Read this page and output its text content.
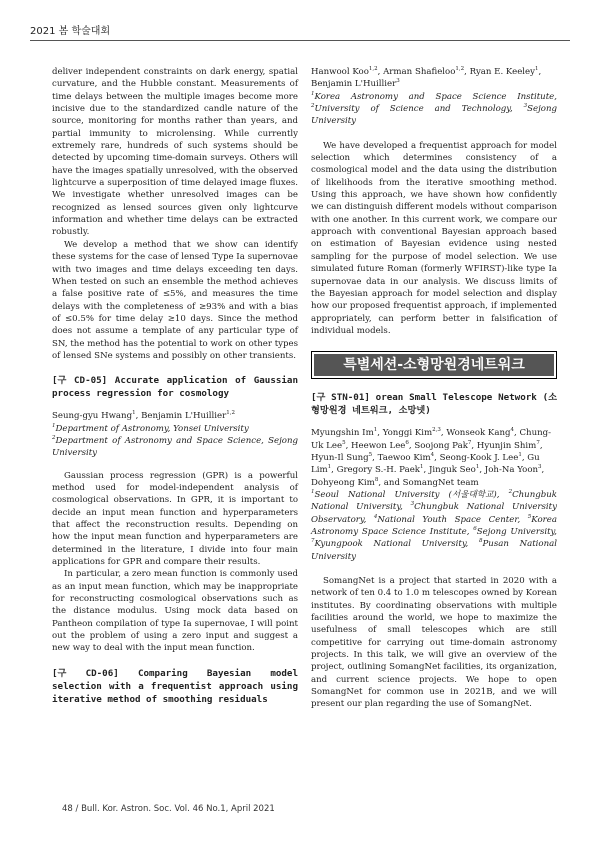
2021 봄 학술대회

deliver independent constraints on dark energy, spatial curvature, and the Hubble constant. Measurements of time delays between the multiple images become more incisive due to the standardized candle nature of the source, monitoring for months rather than years, and partial immunity to microlensing. While currently extremely rare, hundreds of such systems should be detected by upcoming time-domain surveys. Others will have the images spatially unresolved, with the observed lightcurve a superposition of time delayed image fluxes. We investigate whether unresolved images can be recognized as lensed sources given only lightcurve information and whether time delays can be extracted robustly.

We develop a method that we show can identify these systems for the case of lensed Type Ia supernovae with two images and time delays exceeding ten days. When tested on such an ensemble the method achieves a false positive rate of ≤5%, and measures the time delays with the completeness of ≥93% and with a bias of ≤0.5% for time delay ≥10 days. Since the method does not assume a template of any particular type of SN, the method has the potential to work on other types of lensed SNe systems and possibly on other transients.

[구 CD-05] Accurate application of Gaussian process regression for cosmology

Seung-gyu Hwang$^1$, Benjamin L'Huillier$^{1,2}$

$^1$Department of Astronomy, Yonsei University

$^2$Department of Astronomy and Space Science, Sejong University

Gaussian process regression (GPR) is a powerful method used for model-independent analysis of cosmological observations. In GPR, it is important to decide an input mean function and hyperparameters that affect the reconstruction results. Depending on how the input mean function and hyperparameters are determined in the literature, I divide into four main applications for GPR and compare their results.

In particular, a zero mean function is commonly used as an input mean function, which may be inappropriate for reconstructing cosmological observations such as the distance modulus. Using mock data based on Pantheon compilation of type Ia supernovae, I will point out the problem of using a zero input and suggest a new way to deal with the input mean function.

[구 CD-06] Comparing Bayesian model selection with a frequentist approach using iterative method of smoothing residuals

Hanwool Koo$^{1,2}$, Arman Shafieloo$^{1,2}$, Ryan E. Keeley$^1$, Benjamin L'Huillier$^3$

$^1$Korea Astronomy and Space Science Institute, $^2$University of Science and Technology, $^3$Sejong University

We have developed a frequentist approach for model selection which determines consistency of a cosmological model and the data using the distribution of likelihoods from the iterative smoothing method. Using this approach, we have shown how confidently we can distinguish different models without comparison with one another. In this current work, we compare our approach with conventional Bayesian approach based on estimation of Bayesian evidence using nested sampling for the purpose of model selection. We use simulated future Roman (formerly WFIRST)-like type Ia supernovae data in our analysis. We discuss limits of the Bayesian approach for model selection and display how our proposed frequentist approach, if implemented appropriately, can perform better in falsification of individual models.

특별세션-소형망원경네트워크

[구 STN-01] orean Small Telescope Network (소형망원경 네트워크, 소망넷)

Myungshin Im$^1$, Yonggi Kim$^{2,3}$, Wonseok Kang$^4$, Chung-Uk Lee$^5$, Heewon Lee$^6$, Soojong Pak$^7$, Hyunjin Shim$^7$, Hyun-Il Sung$^5$, Taewoo Kim$^4$, Seong-Kook J. Lee$^1$, Gu Lim$^1$, Gregory S.-H. Paek$^1$, Jinguk Seo$^1$, Joh-Na Yoon$^3$, Dohyeong Kim$^8$, and SomangNet team

$^1$Seoul National University (서울대학교), $^2$Chungbuk National University, $^3$Chungbuk National University Observatory, $^4$National Youth Space Center, $^5$Korea Astronomy Space Science Institute, $^6$Sejong University, $^7$Kyungpook National University, $^8$Pusan National University

SomangNet is a project that started in 2020 with a network of ten 0.4 to 1.0 m telescopes owned by Korean institutes. By coordinating observations with multiple facilities around the world, we hope to maximize the usefulness of small telescopes which are still competitive for carrying out time-domain astronomy projects. In this talk, we will give an overview of the project, outlining SomangNet facilities, its organization, and current science projects. We hope to open SomangNet for common use in 2021B, and we will present our plan regarding the use of SomangNet.

48 / Bull. Kor. Astron. Soc. Vol. 46 No.1, April 2021
